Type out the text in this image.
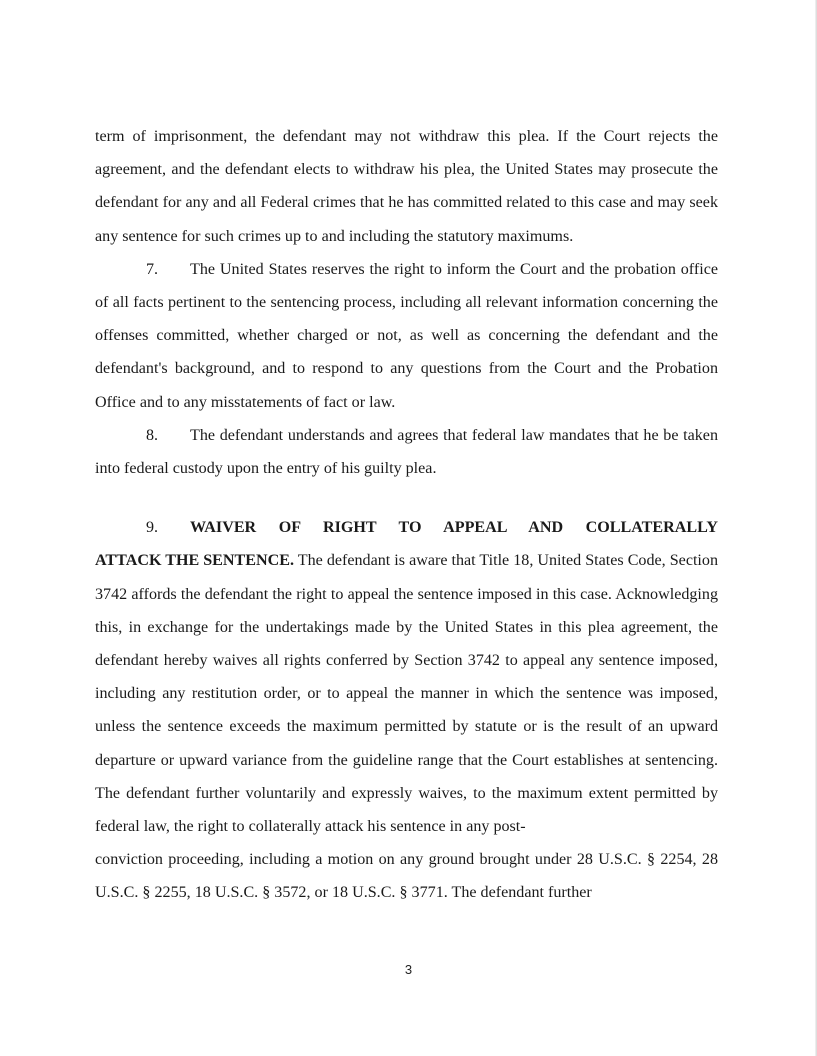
term of imprisonment, the defendant may not withdraw this plea. If the Court rejects the agreement, and the defendant elects to withdraw his plea, the United States may prosecute the defendant for any and all Federal crimes that he has committed related to this case and may seek any sentence for such crimes up to and including the statutory maximums.

7. The United States reserves the right to inform the Court and the probation office of all facts pertinent to the sentencing process, including all relevant information concerning the offenses committed, whether charged or not, as well as concerning the defendant and the defendant's background, and to respond to any questions from the Court and the Probation Office and to any misstatements of fact or law.

8. The defendant understands and agrees that federal law mandates that he be taken into federal custody upon the entry of his guilty plea.

9. WAIVER OF RIGHT TO APPEAL AND COLLATERALLY ATTACK THE SENTENCE. The defendant is aware that Title 18, United States Code, Section 3742 affords the defendant the right to appeal the sentence imposed in this case. Acknowledging this, in exchange for the undertakings made by the United States in this plea agreement, the defendant hereby waives all rights conferred by Section 3742 to appeal any sentence imposed, including any restitution order, or to appeal the manner in which the sentence was imposed, unless the sentence exceeds the maximum permitted by statute or is the result of an upward departure or upward variance from the guideline range that the Court establishes at sentencing. The defendant further voluntarily and expressly waives, to the maximum extent permitted by federal law, the right to collaterally attack his sentence in any post-

conviction proceeding, including a motion on any ground brought under 28 U.S.C. § 2254, 28 U.S.C. § 2255, 18 U.S.C. § 3572, or 18 U.S.C. § 3771. The defendant further

3
